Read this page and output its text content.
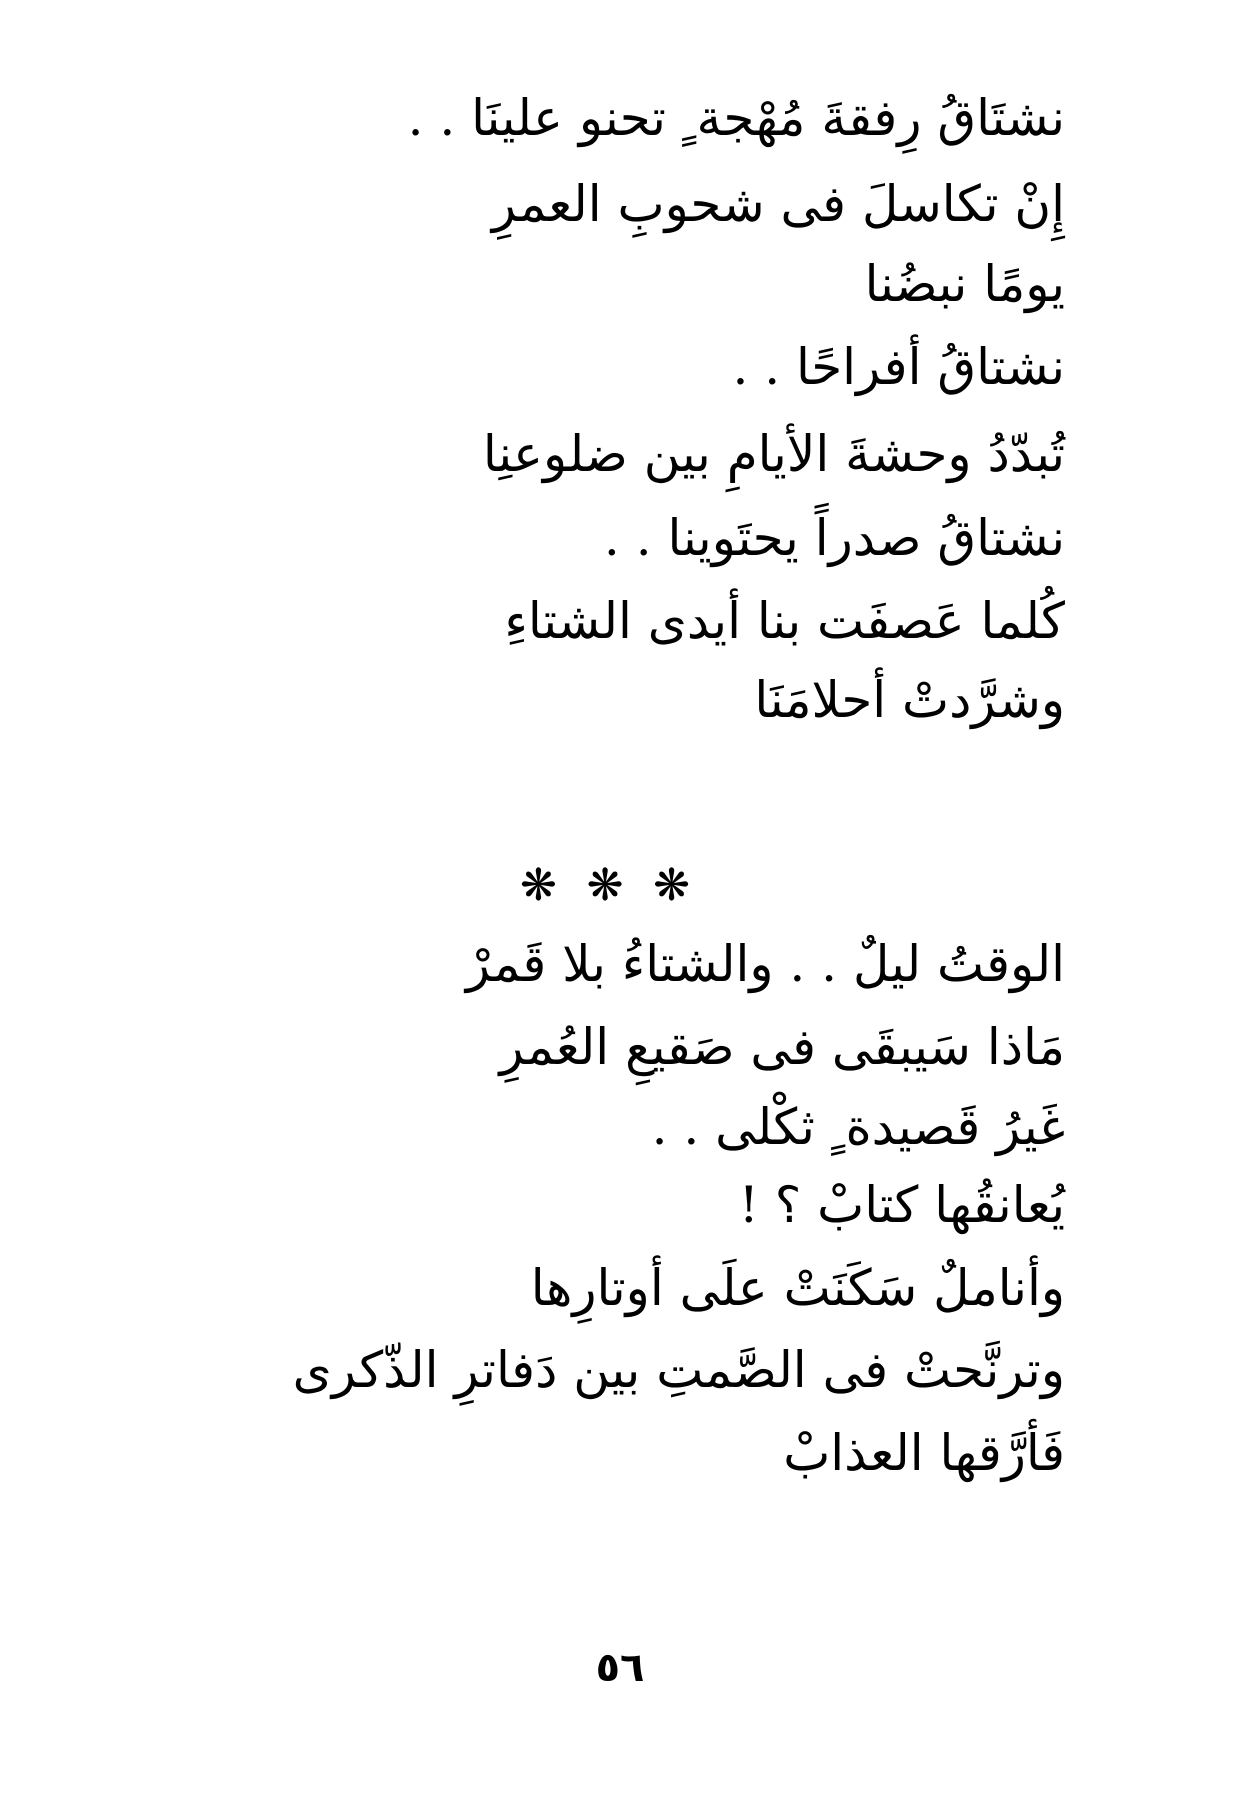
نشتَاقُ رِفقةَ مُهْجة ٍ تحنو علينَا . .
إِنْ تكاسلَ فى شحوبِ العمرِ
يومًا نبضُنا
نشتاقُ أفراحًا . .
تُبدّدُ وحشةَ الأيامِ بين ضلوعنِا
نشتاقُ صدراً يحتَوينا . .
كُلما عَصفَت بنا أيدى الشتاءِ
وشرَّدتْ أحلامَنَا
❋ ❋ ❋
الوقتُ ليلٌ . . والشتاءُ بلا قَمرْ
مَاذا سَيبقَى فى صَقيعِ العُمرِ
غَيرُ قَصيدة ٍ ثكْلى . .
يُعانقُها كتابْ ؟ !
وأناملٌ سَكَنَتْ علَى أوتارِها
وترنَّحتْ فى الصَّمتِ بين دَفاترِ الذّكرى
فَأرَّقها العذابْ
٥٦
